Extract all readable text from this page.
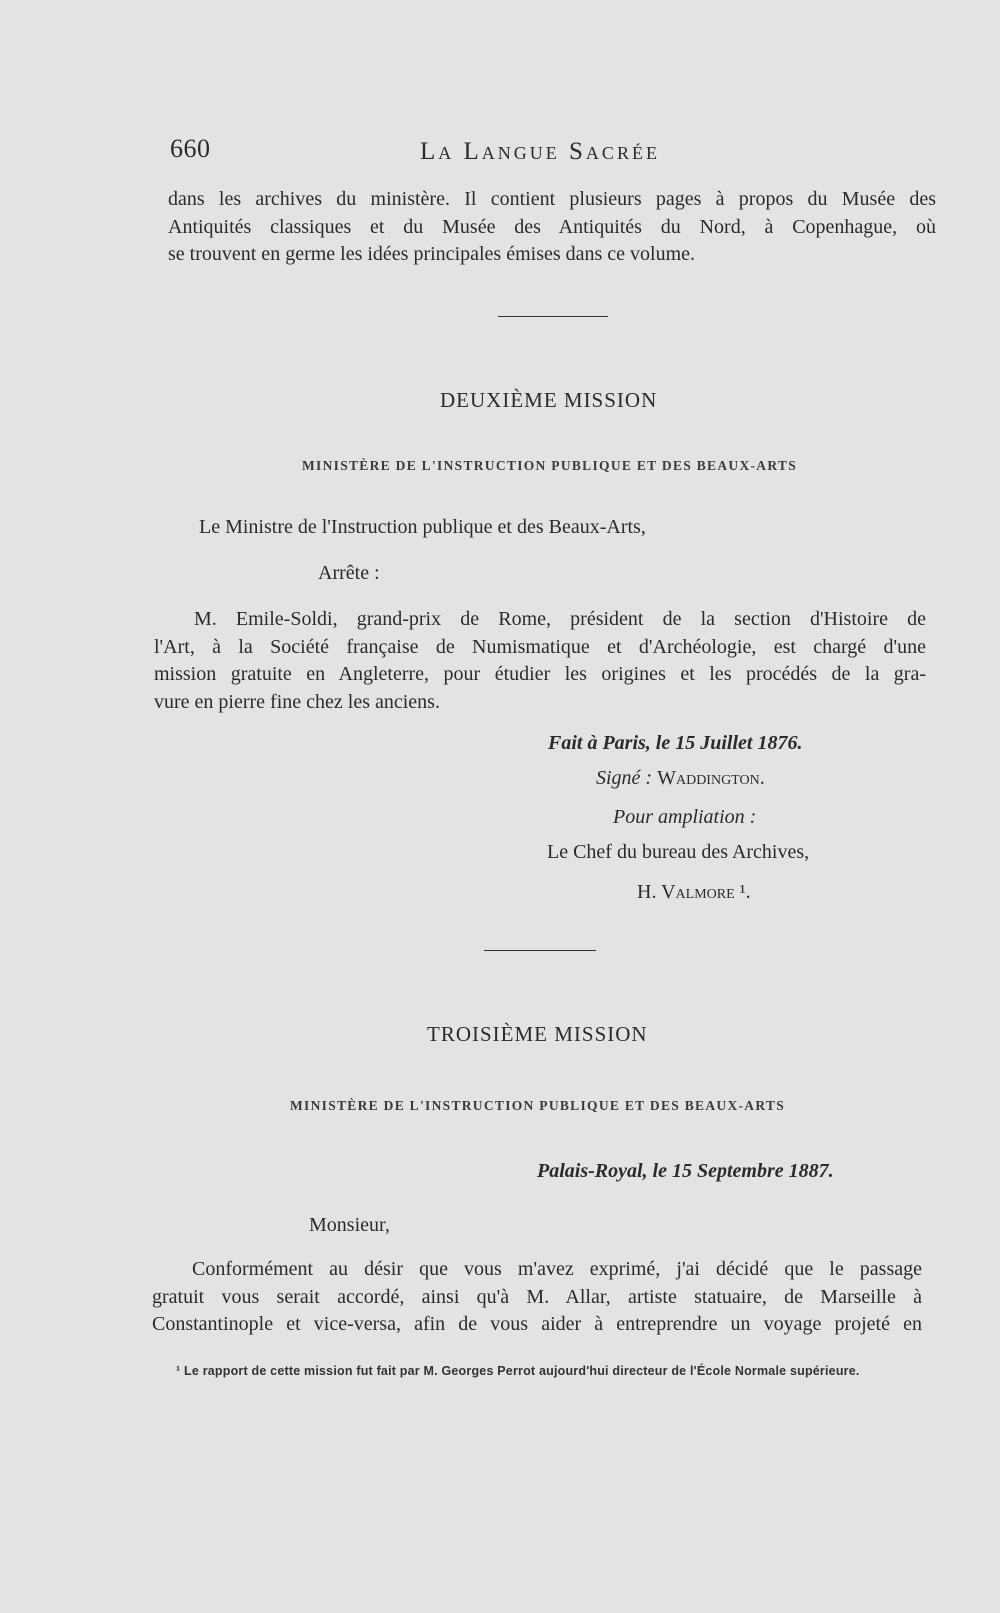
660	La Langue Sacrée
dans les archives du ministère. Il contient plusieurs pages à propos du Musée des
Antiquités classiques et du Musée des Antiquités du Nord, à Copenhague, où
se trouvent en germe les idées principales émises dans ce volume.
DEUXIÈME MISSION
MINISTÈRE DE L'INSTRUCTION PUBLIQUE ET DES BEAUX-ARTS
Le Ministre de l'Instruction publique et des Beaux-Arts,
Arrête :
M. Emile-Soldi, grand-prix de Rome, président de la section d'Histoire de
l'Art, à la Société française de Numismatique et d'Archéologie, est chargé d'une
mission gratuite en Angleterre, pour étudier les origines et les procédés de la gra-
vure en pierre fine chez les anciens.
Fait à Paris, le 15 Juillet 1876.
Signé : Waddington.
Pour ampliation :
Le Chef du bureau des Archives,
H. Valmore ¹.
TROISIÈME MISSION
MINISTÈRE DE L'INSTRUCTION PUBLIQUE ET DES BEAUX-ARTS
Palais-Royal, le 15 Septembre 1887.
Monsieur,
Conformément au désir que vous m'avez exprimé, j'ai décidé que le passage
gratuit vous serait accordé, ainsi qu'à M. Allar, artiste statuaire, de Marseille à
Constantinople et vice-versa, afin de vous aider à entreprendre un voyage projeté en
¹ Le rapport de cette mission fut fait par M. Georges Perrot aujourd'hui directeur de l'École Normale supérieure.
